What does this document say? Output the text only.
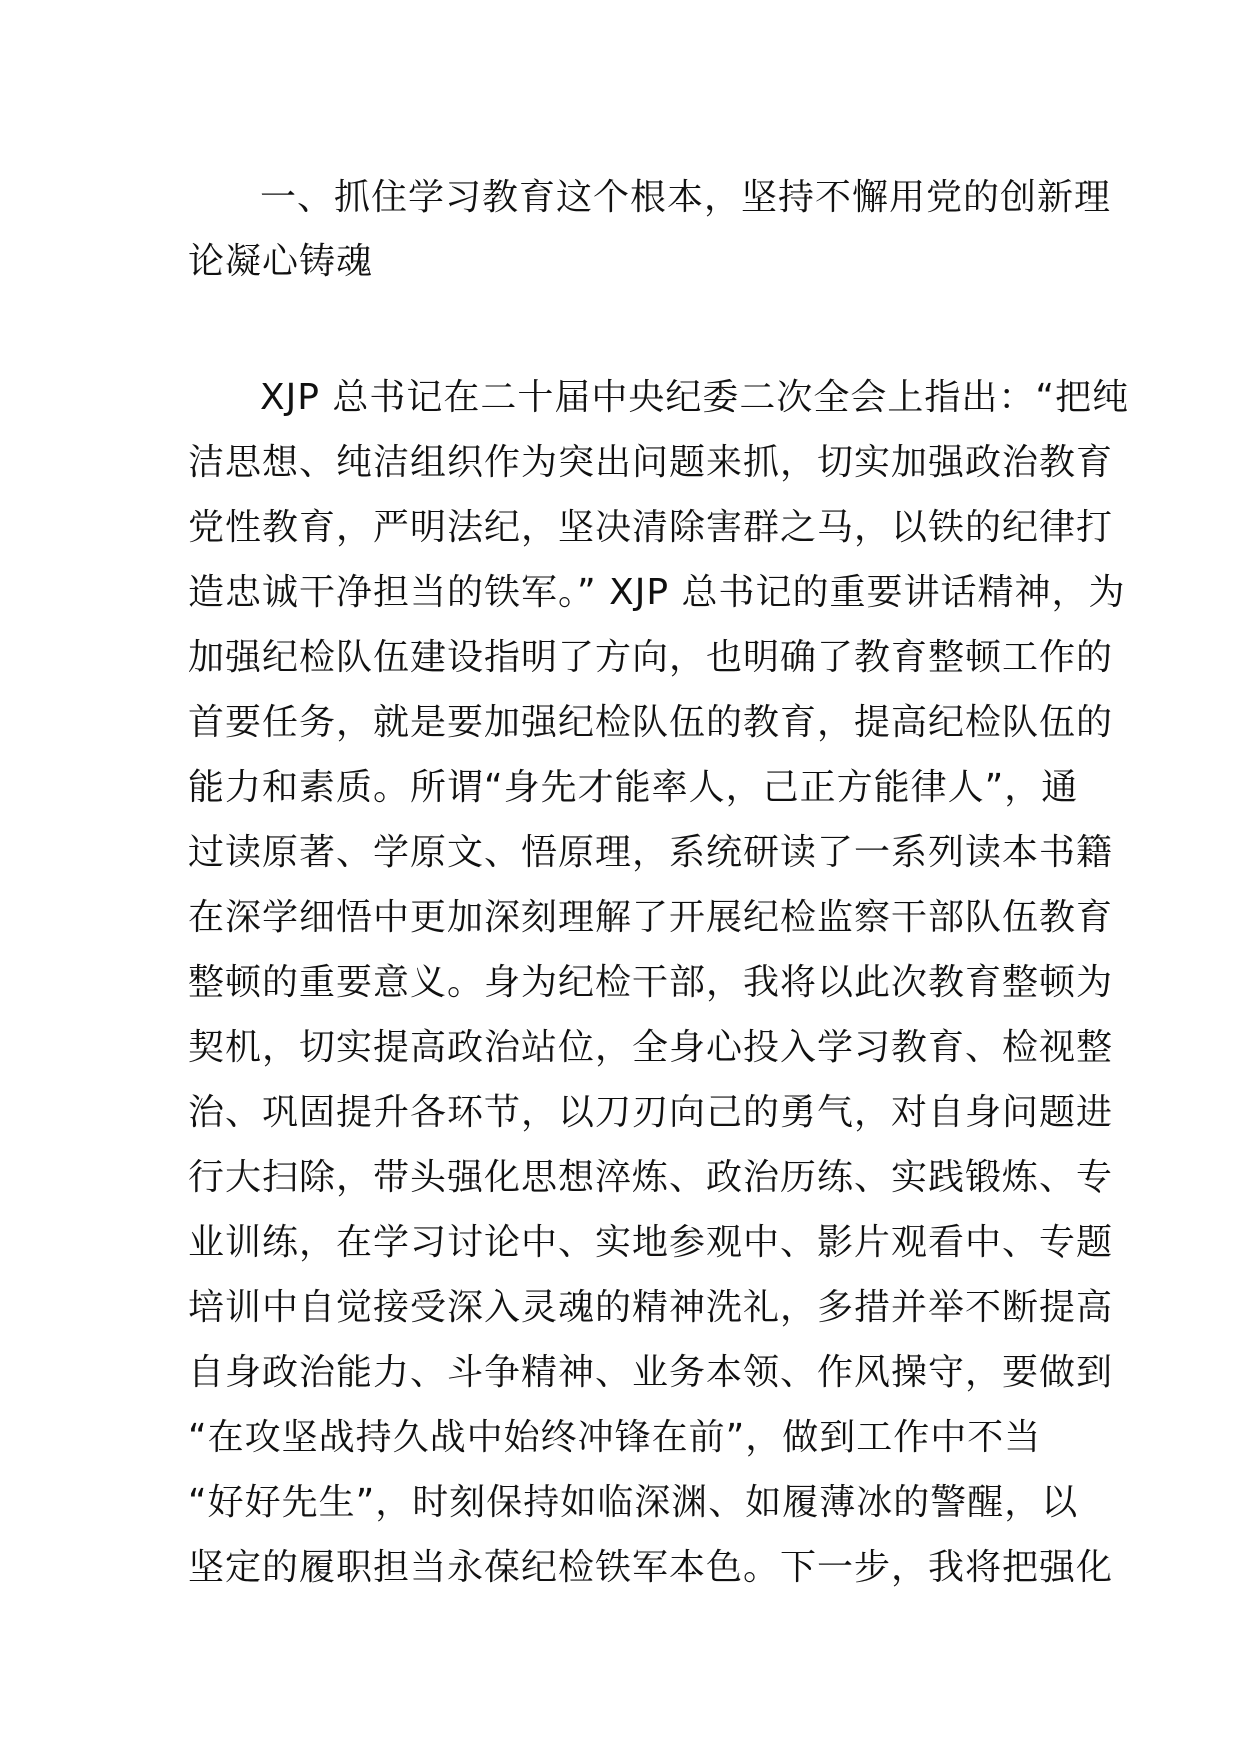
一、抓住学习教育这个根本，坚持不懈用党的创新理
论凝心铸魂
XJP 总书记在二十届中央纪委二次全会上指出：“把纯
洁思想、纯洁组织作为突出问题来抓，切实加强政治教育
党性教育，严明法纪，坚决清除害群之马，以铁的纪律打
造忠诚干净担当的铁军。” XJP 总书记的重要讲话精神，为
加强纪检队伍建设指明了方向，也明确了教育整顿工作的
首要任务，就是要加强纪检队伍的教育，提高纪检队伍的
能力和素质。所谓“身先才能率人，己正方能律人”，通
过读原著、学原文、悟原理，系统研读了一系列读本书籍
在深学细悟中更加深刻理解了开展纪检监察干部队伍教育
整顿的重要意义。身为纪检干部，我将以此次教育整顿为
契机，切实提高政治站位，全身心投入学习教育、检视整
治、巩固提升各环节，以刀刃向己的勇气，对自身问题进
行大扫除，带头强化思想淬炼、政治历练、实践锻炼、专
业训练，在学习讨论中、实地参观中、影片观看中、专题
培训中自觉接受深入灵魂的精神洗礼，多措并举不断提高
自身政治能力、斗争精神、业务本领、作风操守，要做到
“在攻坚战持久战中始终冲锋在前”，做到工作中不当
“好好先生”，时刻保持如临深渊、如履薄冰的警醒，以
坚定的履职担当永葆纪检铁军本色。下一步，我将把强化
